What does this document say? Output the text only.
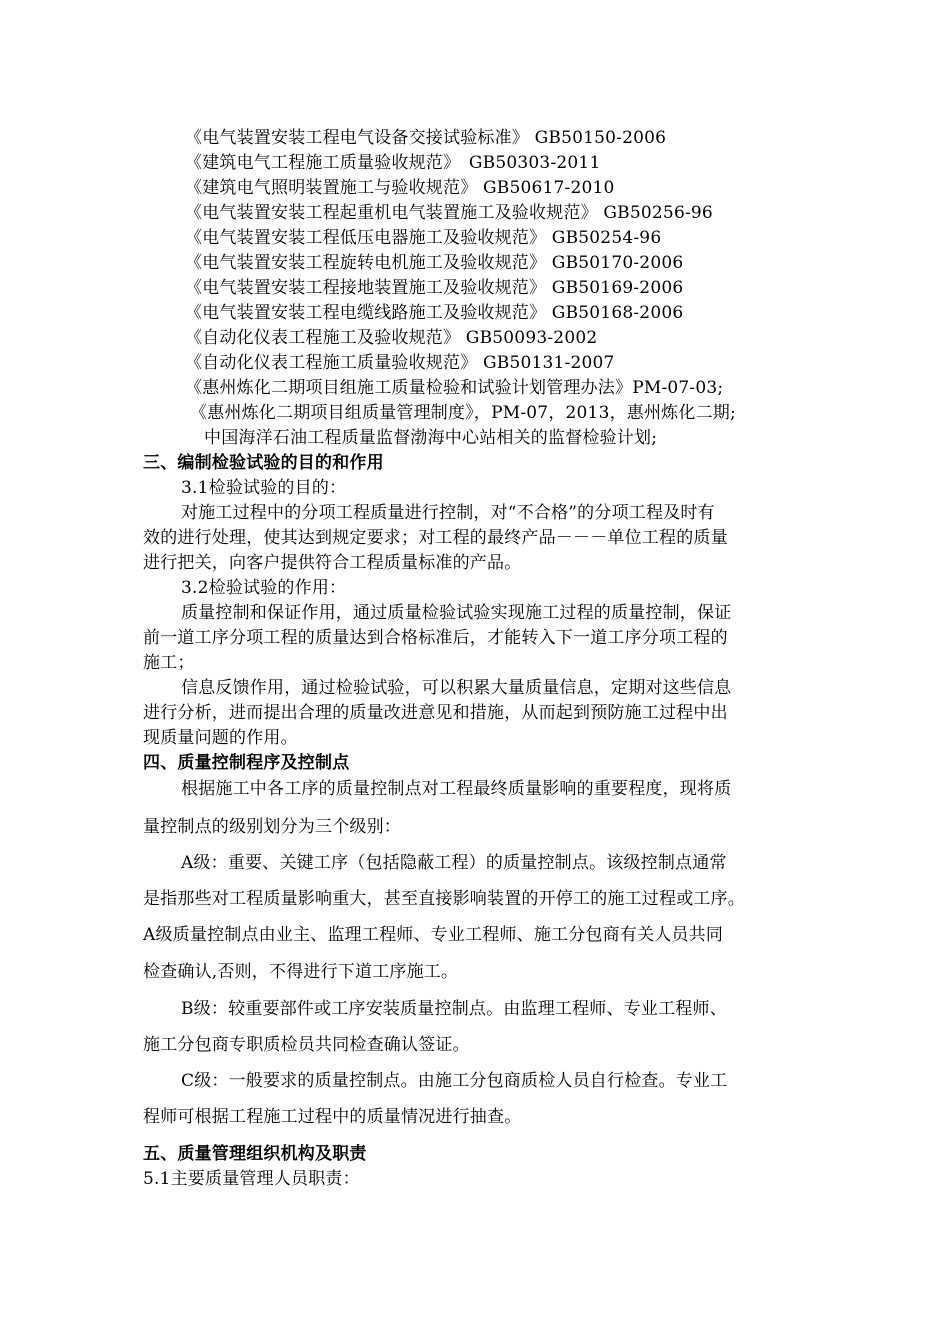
《电气装置安装工程电气设备交接试验标准》 GB50150-2006
《建筑电气工程施工质量验收规范》　GB50303-2011
《建筑电气照明装置施工与验收规范》 GB50617-2010
《电气装置安装工程起重机电气装置施工及验收规范》 GB50256-96
《电气装置安装工程低压电器施工及验收规范》 GB50254-96
《电气装置安装工程旋转电机施工及验收规范》 GB50170-2006
《电气装置安装工程接地装置施工及验收规范》 GB50169-2006
《电气装置安装工程电缆线路施工及验收规范》 GB50168-2006
《自动化仪表工程施工及验收规范》 GB50093-2002
《自动化仪表工程施工质量验收规范》 GB50131-2007
《惠州炼化二期项目组施工质量检验和试验计划管理办法》PM-07-03;
《惠州炼化二期项目组质量管理制度》，PM-07，2013，惠州炼化二期;
中国海洋石油工程质量监督渤海中心站相关的监督检验计划;
三、编制检验试验的目的和作用
3.1检验试验的目的：
对施工过程中的分项工程质量进行控制，对“不合格”的分项工程及时有
效的进行处理，使其达到规定要求；对工程的最终产品－－－单位工程的质量
进行把关，向客户提供符合工程质量标准的产品。
3.2检验试验的作用：
质量控制和保证作用，通过质量检验试验实现施工过程的质量控制，保证
前一道工序分项工程的质量达到合格标准后，才能转入下一道工序分项工程的
施工；
信息反馈作用，通过检验试验，可以积累大量质量信息，定期对这些信息
进行分析，进而提出合理的质量改进意见和措施，从而起到预防施工过程中出
现质量问题的作用。
四、质量控制程序及控制点
根据施工中各工序的质量控制点对工程最终质量影响的重要程度，现将质
量控制点的级别划分为三个级别：
A级：重要、关键工序（包括隐蔽工程）的质量控制点。该级控制点通常
是指那些对工程质量影响重大，甚至直接影响装置的开停工的施工过程或工序。
A级质量控制点由业主、监理工程师、专业工程师、施工分包商有关人员共同
检查确认,否则，不得进行下道工序施工。
B级：较重要部件或工序安装质量控制点。由监理工程师、专业工程师、
施工分包商专职质检员共同检查确认签证。
C级：一般要求的质量控制点。由施工分包商质检人员自行检查。专业工
程师可根据工程施工过程中的质量情况进行抽查。
五、质量管理组织机构及职责
5.1主要质量管理人员职责：
